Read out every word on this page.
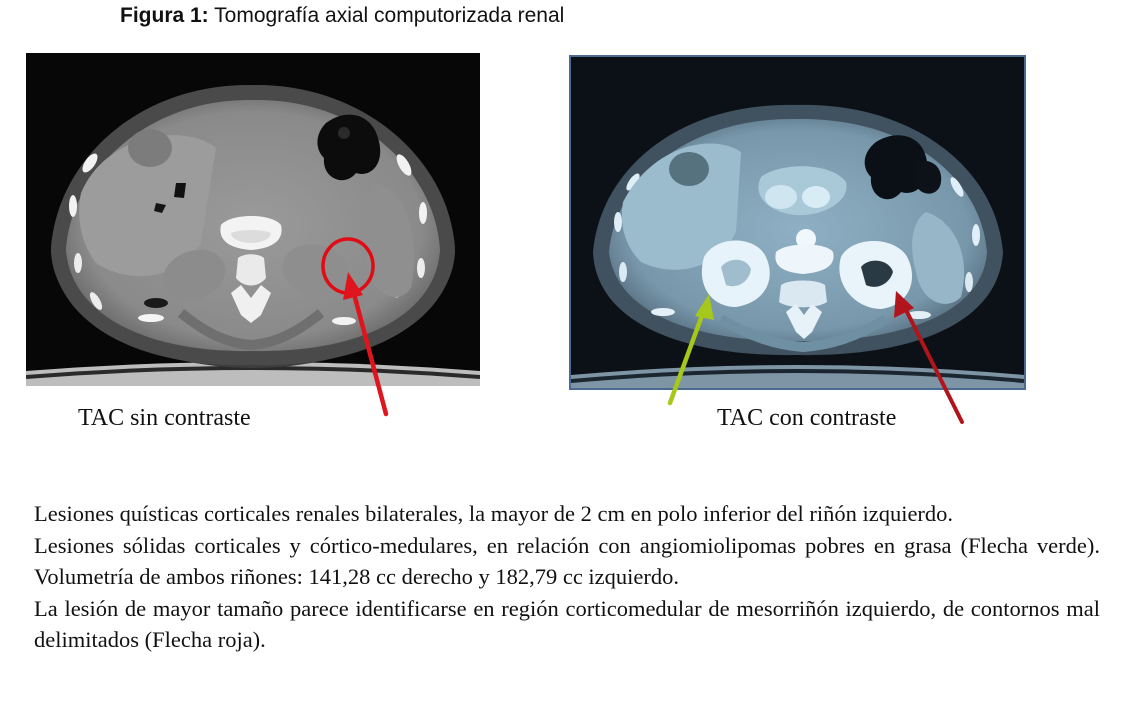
Figura 1: Tomografía axial computorizada renal
TAC sin contraste	TAC con contraste

Lesiones quísticas corticales renales bilaterales, la mayor de 2 cm en polo inferior del riñón izquierdo.

Lesiones sólidas corticales y córtico-medulares, en relación con angiomiolipomas pobres en grasa (Flecha verde). Volumetría de ambos riñones: 141,28 cc derecho y 182,79 cc izquierdo.

La lesión de mayor tamaño parece identificarse en región corticomedular de mesorriñón izquierdo, de contornos mal delimitados (Flecha roja).
